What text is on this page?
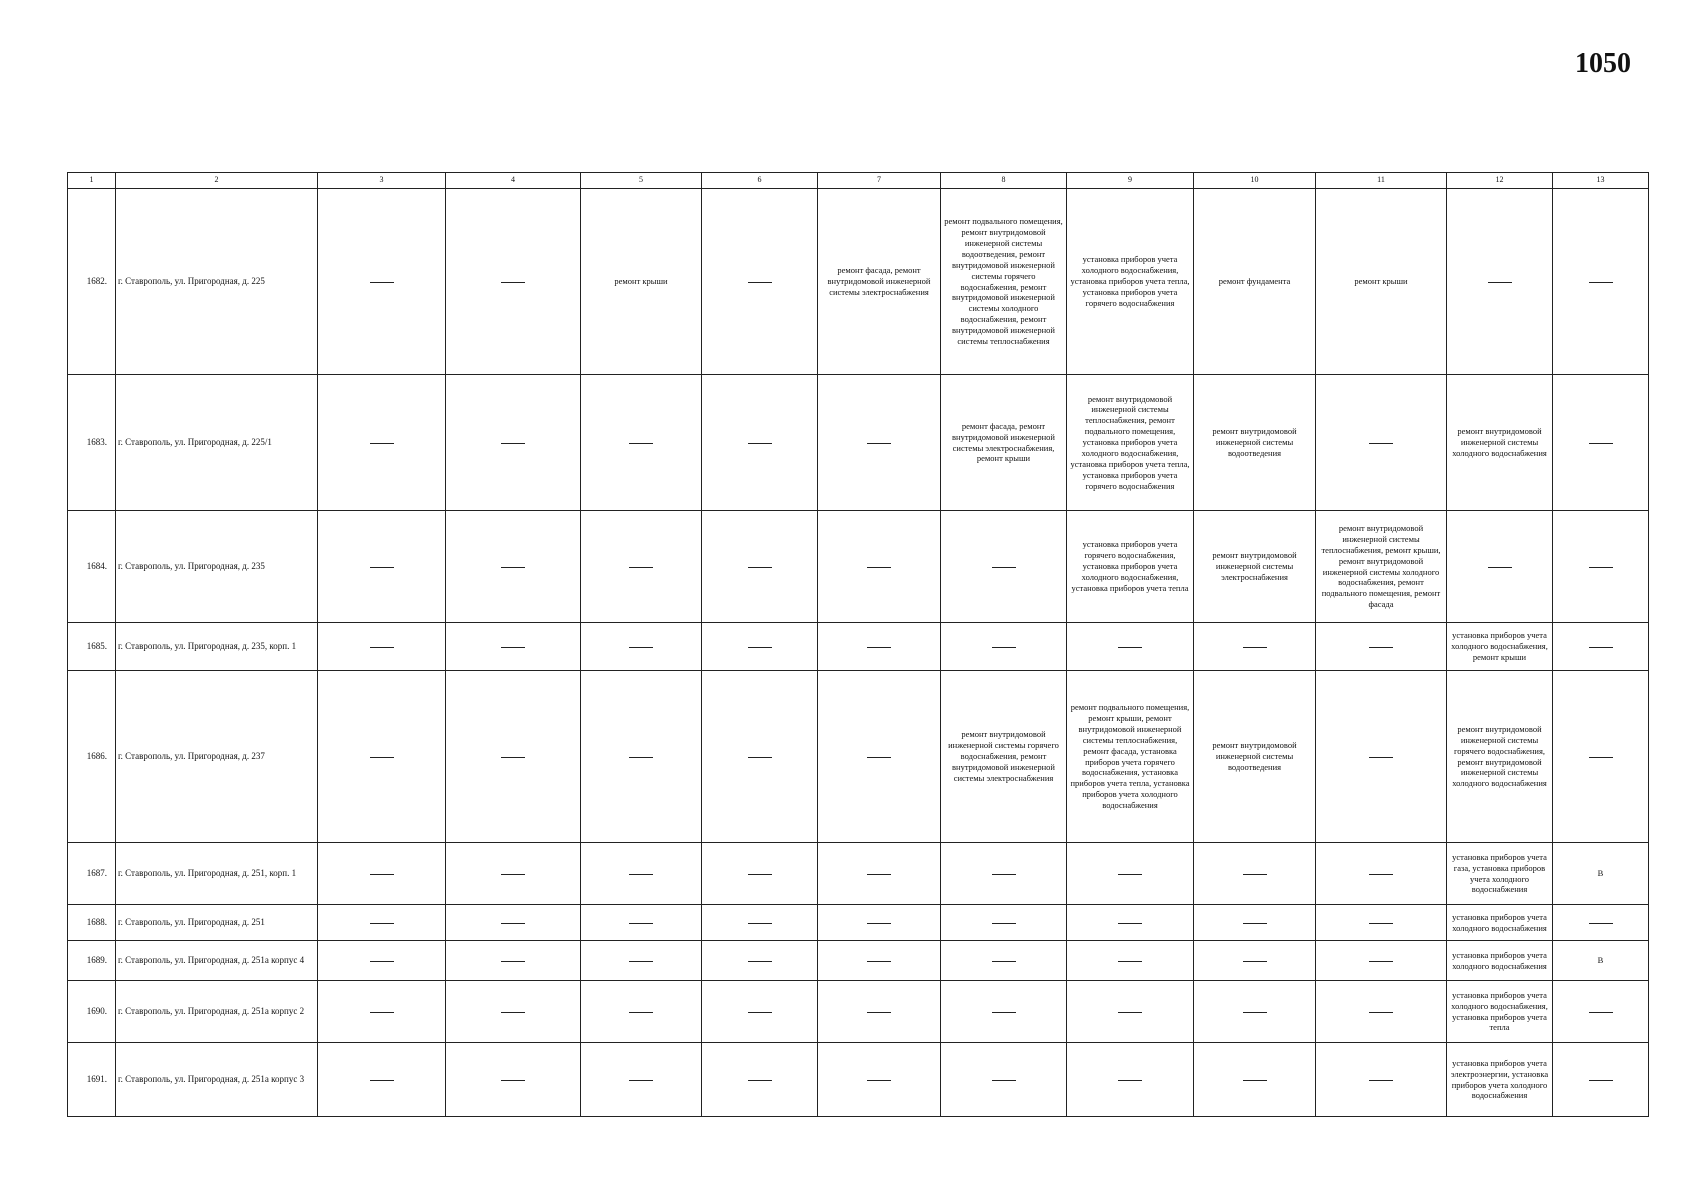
1050
1	2	3	4	5	6	7	8	9	10	11	12	13
1682.	г. Ставрополь, ул. Пригородная, д. 225			ремонт крыши		ремонт фасада, ремонт внутридомовой инженерной системы электроснабжения	ремонт подвального помещения, ремонт внутридомовой инженерной системы водоотведения, ремонт внутридомовой инженерной системы горячего водоснабжения, ремонт внутридомовой инженерной системы холодного водоснабжения, ремонт внутридомовой инженерной системы теплоснабжения	установка приборов учета холодного водоснабжения, установка приборов учета тепла, установка приборов учета горячего водоснабжения	ремонт фундамента	ремонт крыши		
1683.	г. Ставрополь, ул. Пригородная, д. 225/1						ремонт фасада, ремонт внутридомовой инженерной системы электроснабжения, ремонт крыши	ремонт внутридомовой инженерной системы теплоснабжения, ремонт подвального помещения, установка приборов учета холодного водоснабжения, установка приборов учета тепла, установка приборов учета горячего водоснабжения	ремонт внутридомовой инженерной системы водоотведения		ремонт внутридомовой инженерной системы холодного водоснабжения	
1684.	г. Ставрополь, ул. Пригородная, д. 235							установка приборов учета горячего водоснабжения, установка приборов учета холодного водоснабжения, установка приборов учета тепла	ремонт внутридомовой инженерной системы электроснабжения	ремонт внутридомовой инженерной системы теплоснабжения, ремонт крыши, ремонт внутридомовой инженерной системы холодного водоснабжения, ремонт подвального помещения, ремонт фасада		
1685.	г. Ставрополь, ул. Пригородная, д. 235, корп. 1										установка приборов учета холодного водоснабжения, ремонт крыши	
1686.	г. Ставрополь, ул. Пригородная, д. 237						ремонт внутридомовой инженерной системы горячего водоснабжения, ремонт внутридомовой инженерной системы электроснабжения	ремонт подвального помещения, ремонт крыши, ремонт внутридомовой инженерной системы теплоснабжения, ремонт фасада, установка приборов учета горячего водоснабжения, установка приборов учета тепла, установка приборов учета холодного водоснабжения	ремонт внутридомовой инженерной системы водоотведения		ремонт внутридомовой инженерной системы горячего водоснабжения, ремонт внутридомовой инженерной системы холодного водоснабжения	
1687.	г. Ставрополь, ул. Пригородная, д. 251, корп. 1										установка приборов учета газа, установка приборов учета холодного водоснабжения	В
1688.	г. Ставрополь, ул. Пригородная, д. 251										установка приборов учета холодного водоснабжения	
1689.	г. Ставрополь, ул. Пригородная, д. 251а корпус 4										установка приборов учета холодного водоснабжения	В
1690.	г. Ставрополь, ул. Пригородная, д. 251а корпус 2										установка приборов учета холодного водоснабжения, установка приборов учета тепла	
1691.	г. Ставрополь, ул. Пригородная, д. 251а корпус 3										установка приборов учета электроэнергии, установка приборов учета холодного водоснабжения	
